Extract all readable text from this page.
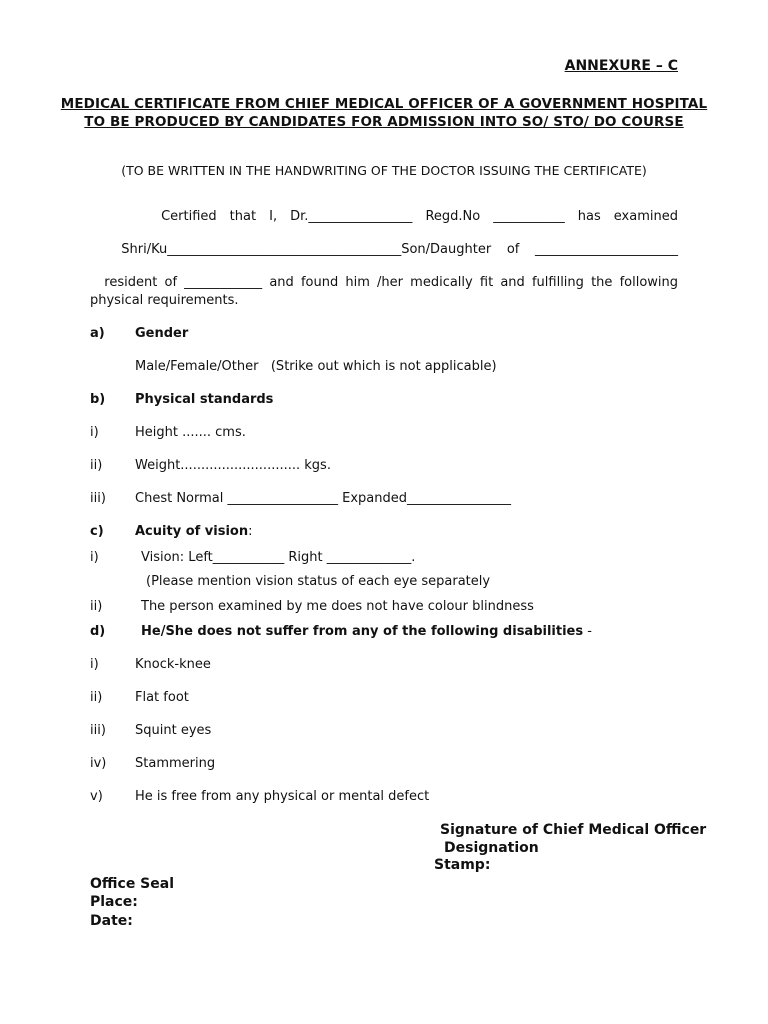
ANNEXURE – C
MEDICAL CERTIFICATE FROM CHIEF MEDICAL OFFICER OF A GOVERNMENT HOSPITAL
TO BE PRODUCED BY CANDIDATES FOR ADMISSION INTO SO/ STO/ DO COURSE
(TO BE WRITTEN IN THE HANDWRITING OF THE DOCTOR ISSUING THE CERTIFICATE)

Certified that I, Dr.________________ Regd.No ___________ has examined

Shri/Ku____________________________________Son/Daughter of ______________________

resident of ____________ and found him /her medically fit and fulfilling the following

physical requirements.
a) Gender
Male/Female/Other   (Strike out which is not applicable)
b) Physical standards
i)	Height ....... cms.
ii)	Weight............................. kgs.
iii) Chest Normal _________________ Expanded________________
c) Acuity of vision:
i)	Vision: Left___________ Right _____________.
(Please mention vision status of each eye separately
ii)	The person examined by me does not have colour blindness
d)	He/She does not suffer from any of the following disabilities -
i)	Knock-knee
ii)	Flat foot
iii) Squint eyes
iv) Stammering
v) He is free from any physical or mental defect
Signature of Chief Medical Officer
Designation
Stamp:
Office Seal
Place:
Date:
